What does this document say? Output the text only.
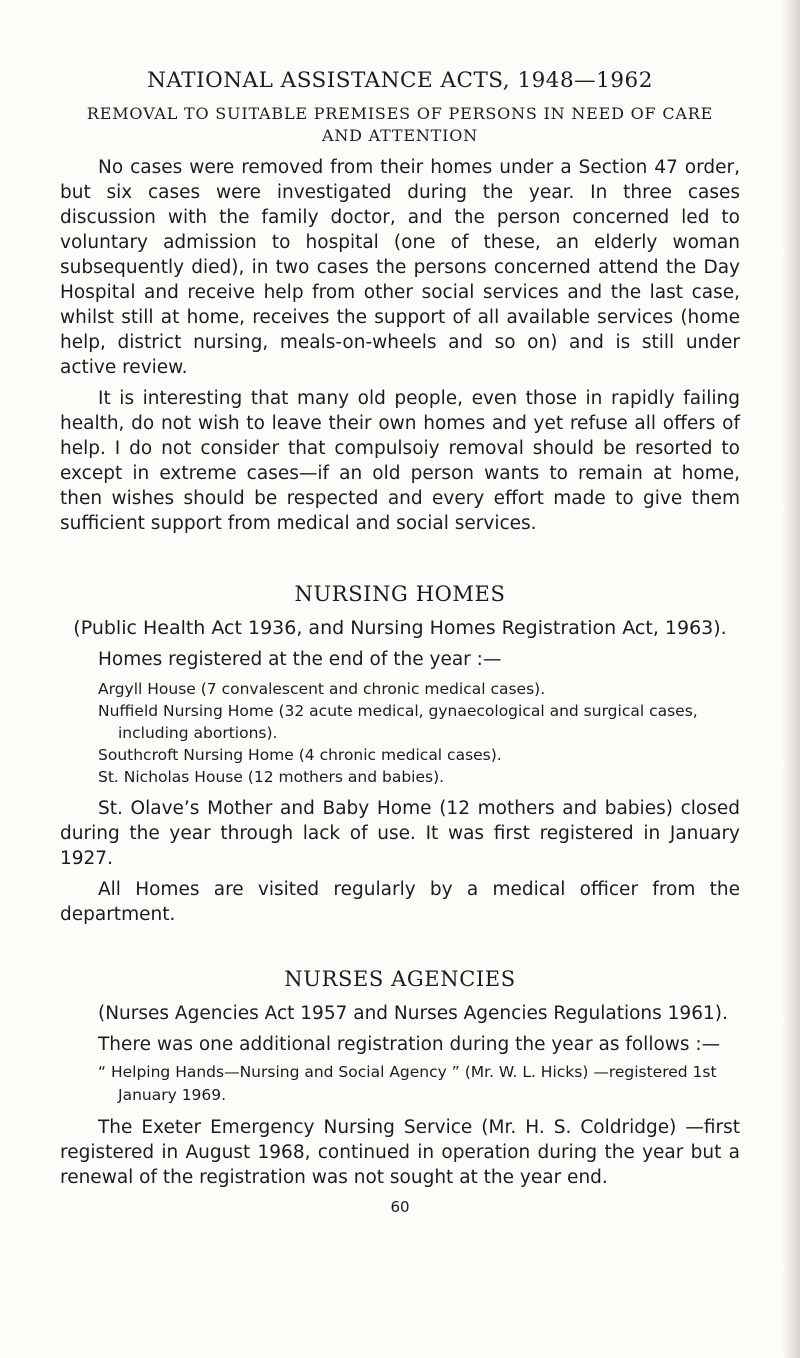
NATIONAL ASSISTANCE ACTS, 1948—1962
REMOVAL TO SUITABLE PREMISES OF PERSONS IN NEED OF CARE
AND ATTENTION

No cases were removed from their homes under a Section 47 order, but six cases were investigated during the year. In three cases discussion with the family doctor, and the person concerned led to voluntary admission to hospital (one of these, an elderly woman subsequently died), in two cases the persons concerned attend the Day Hospital and receive help from other social services and the last case, whilst still at home, receives the support of all available services (home help, district nursing, meals-on-wheels and so on) and is still under active review.

It is interesting that many old people, even those in rapidly failing health, do not wish to leave their own homes and yet refuse all offers of help. I do not consider that compulsoiy removal should be resorted to except in extreme cases—if an old person wants to remain at home, then wishes should be respected and every effort made to give them sufficient support from medical and social services.

NURSING HOMES
(Public Health Act 1936, and Nursing Homes Registration Act, 1963).

Homes registered at the end of the year :—

Argyll House (7 convalescent and chronic medical cases).
Nuffield Nursing Home (32 acute medical, gynaecological and surgical cases, including abortions).
Southcroft Nursing Home (4 chronic medical cases).
St. Nicholas House (12 mothers and babies).

St. Olave’s Mother and Baby Home (12 mothers and babies) closed during the year through lack of use. It was first registered in January 1927.

All Homes are visited regularly by a medical officer from the department.

NURSES AGENCIES

(Nurses Agencies Act 1957 and Nurses Agencies Regulations 1961).

There was one additional registration during the year as follows :—

“ Helping Hands—Nursing and Social Agency ” (Mr. W. L. Hicks) —registered 1st January 1969.

The Exeter Emergency Nursing Service (Mr. H. S. Coldridge) —first registered in August 1968, continued in operation during the year but a renewal of the registration was not sought at the year end.

60
